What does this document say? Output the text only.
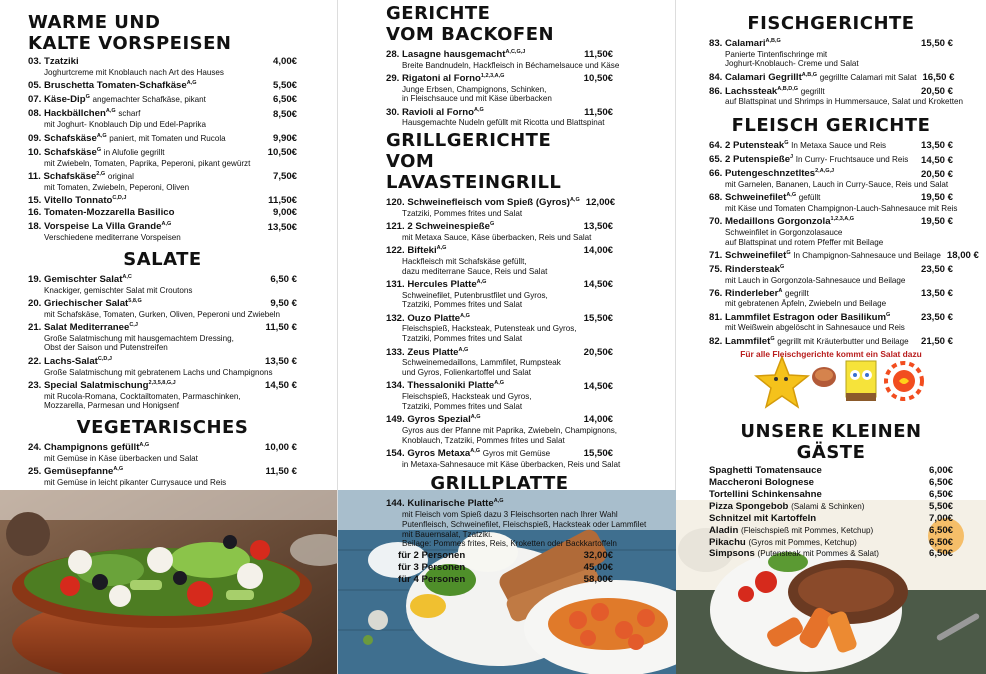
WARME UND
KALTE VORSPEISEN
03. Tzatziki	4,00€
Joghurtcreme mit Knoblauch nach Art des Hauses
05. Bruschetta Tomaten-Schafkäse$^{A,G}$	5,50€
07. Käse-Dip$^G$ angemachter Schafkäse, pikant	6,50€
08. Hackbällchen$^{A,G}$ scharf	8,50€
mit Joghurt- Knoblauch Dip und Edel-Paprika
09. Schafskäse$^{A,G}$ paniert, mit Tomaten und Rucola	9,90€
10. Schafskäse$^G$ in Alufolie gegrillt	10,50€
mit Zwiebeln, Tomaten, Paprika, Peperoni, pikant gewürzt
11. Schafskäse$^{2,G}$ original	7,50€
mit Tomaten, Zwiebeln, Peperoni, Oliven
15. Vitello Tonnato$^{C,D,J}$	11,50€
16. Tomaten-Mozzarella Basilico	9,00€
18. Vorspeise La Villa Grande$^{A,G}$	13,50€
Verschiedene mediterrane Vorspeisen
SALATE
19. Gemischter Salat$^{A,C}$	6,50 €
Knackiger, gemischter Salat mit Croutons
20. Griechischer Salat$^{5,8,G}$	9,50 €
mit Schafskäse, Tomaten, Gurken, Oliven, Peperoni und Zwiebeln
21. Salat Mediterranee$^{C,J}$	11,50 €
Große Salatmischung mit hausgemachtem Dressing,
Obst der Saison und Putenstreifen
22. Lachs-Salat$^{C,D,J}$	13,50 €
Große Salatmischung mit gebratenem Lachs und Champignons
23. Special Salatmischung$^{2,3,5,8,G,J}$	14,50 €
mit Rucola-Romana, Cocktailtomaten, Parmaschinken,
Mozzarella, Parmesan und Honigsenf
VEGETARISCHES
24. Champignons gefüllt$^{A,G}$	10,00 €
mit Gemüse in Käse überbacken und Salat
25. Gemüsepfanne$^{A,G}$	11,50 €
mit Gemüse in leicht pikanter Currysauce und Reis
GERICHTE
VOM BACKOFEN
28. Lasagne hausgemacht$^{A,C,G,J}$	11,50€
Breite Bandnudeln, Hackfleisch in Béchamelsauce und Käse
29. Rigatoni al Forno$^{1,2,3,A,G}$	10,50€
Junge Erbsen, Champignons, Schinken,
in Fleischsauce und mit Käse überbacken
30. Ravioli al Forno$^{A,G}$	11,50€
Hausgemachte Nudeln gefüllt mit Ricotta und Blattspinat
GRILLGERICHTE
VOM LAVASTEINGRILL
120. Schweinefleisch vom Spieß (Gyros)$^{A,G}$ 12,00€
Tzatziki, Pommes frites und Salat
121. 2 Schweinespieße$^G$	13,50€
mit Metaxa Sauce, Käse überbacken, Reis und Salat
122. Bifteki$^{A,G}$	14,00€
Hackfleisch mit Schafskäse gefüllt,
dazu mediterrane Sauce, Reis und Salat
131. Hercules Platte$^{A,G}$	14,50€
Schweinefilet, Putenbrustfilet und Gyros,
Tzatziki, Pommes frites und Salat
132. Ouzo Platte$^{A,G}$	15,50€
Fleischspieß, Hacksteak, Putensteak und Gyros,
Tzatziki, Pommes frites und Salat
133. Zeus Platte$^{A,G}$	20,50€
Schweinemedaillons, Lammfilet, Rumpsteak
und Gyros, Folienkartoffel und Salat
134. Thessaloniki Platte$^{A,G}$	14,50€
Fleischspieß, Hacksteak und Gyros,
Tzatziki, Pommes frites und Salat
149. Gyros Spezial$^{A,G}$	14,00€
Gyros aus der Pfanne mit Paprika, Zwiebeln, Champignons,
Knoblauch, Tzatziki, Pommes frites und Salat
154. Gyros Metaxa$^{A,G}$ Gyros mit Gemüse	15,50€
in Metaxa-Sahnesauce mit Käse überbacken, Reis und Salat
GRILLPLATTE
144. Kulinarische Platte$^{A,G}$
mit Fleisch vom Spieß dazu 3 Fleischsorten nach Ihrer Wahl
Putenfleisch, Schweinefilet, Fleischspieß, Hacksteak oder Lammfilet
mit Bauernsalat, Tzatziki.
Beilage: Pommes frites, Reis, Kroketten oder Backkartoffeln
für 2 Personen	32,00€
für 3 Personen	45,00€
für 4 Personen	58,00€
FISCHGERICHTE
83. Calamari$^{A,B,G}$	15,50 €
Panierte Tintenfischringe mit
Joghurt-Knoblauch- Creme und Salat
84. Calamari Gegrillt$^{A,B,G}$ gegrillte Calamari mit Salat 16,50 €
86. Lachssteak$^{A,B,D,G}$ gegrillt	20,50 €
auf Blattspinat und Shrimps in Hummersauce, Salat und Kroketten
FLEISCH GERICHTE
64. 2 Putensteak$^G$ In Metaxa Sauce und Reis	13,50 €
65. 2 Putenspieße$^J$ In Curry- Fruchtsauce und Reis	14,50 €
66. Putengeschnzetltes$^{2,A,G,J}$	20,50 €
mit Garnelen, Bananen, Lauch in Curry-Sauce, Reis und Salat
68. Schweinefilet$^{A,G}$ gefüllt	19,50 €
mit Käse und Tomaten Champignon-Lauch-Sahnesauce mit Reis
70. Medaillons Gorgonzola$^{1,2,3,A,G}$	19,50 €
Schweinfilet in Gorgonzolasauce
auf Blattspinat und rotem Pfeffer mit Beilage
71. Schweinefilet$^G$ In Champignon-Sahnesauce und Beilage 18,00 €
75. Rindersteak$^G$	23,50 €
mit Lauch in Gorgonzola-Sahnesauce und Beilage
76. Rinderleber$^A$ gegrillt	13,50 €
mit gebratenen Äpfeln, Zwiebeln und Beilage
81. Lammfilet Estragon oder Basilikum$^G$	23,50 €
mit Weißwein abgelöscht in Sahnesauce und Reis
82. Lammfilet$^G$ gegrillt mit Kräuterbutter und Beilage	21,50 €
Für alle Fleischgerichte kommt ein Salat dazu
UNSERE KLEINEN GÄSTE
Spaghetti Tomatensauce	6,00€
Maccheroni Bolognese	6,50€
Tortellini Schinkensahne	6,50€
Pizza Spongebob (Salami & Schinken)	5,50€
Schnitzel mit Kartoffeln	7,00€
Aladin (Fleischspieß mit Pommes, Ketchup)	6,50€
Pikachu (Gyros mit Pommes, Ketchup)	6,50€
Simpsons (Putensteak mit Pommes & Salat)	6,50€
